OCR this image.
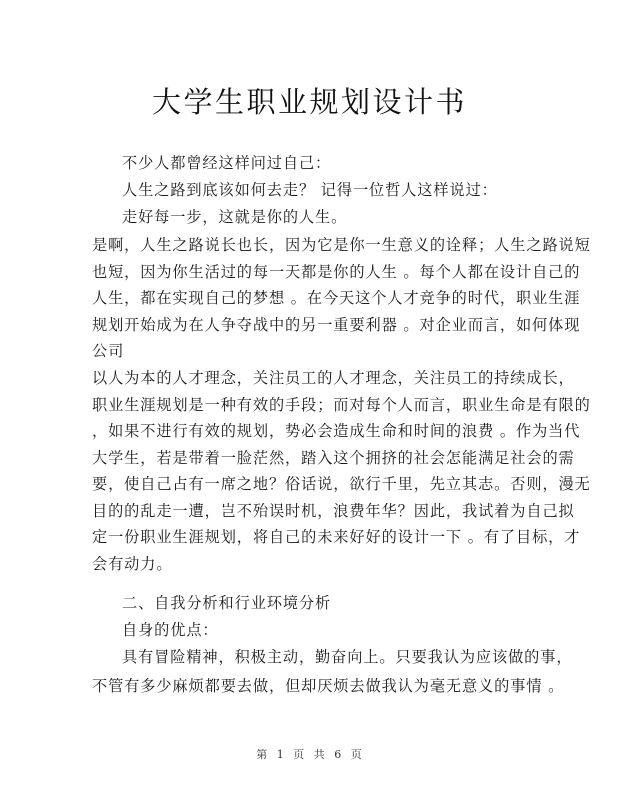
大学生职业规划设计书
不少人都曾经这样问过自己：
人生之路到底该如何去走？ 记得一位哲人这样说过：
走好每一步，这就是你的人生。
是啊，人生之路说长也长，因为它是你一生意义的诠释；人生之路说短
也短，因为你生活过的每一天都是你的人生 。每个人都在设计自己的
人生，都在实现自己的梦想 。在今天这个人才竞争的时代，职业生涯
规划开始成为在人争夺战中的另一重要利器 。对企业而言，如何体现
公司
以人为本的人才理念，关注员工的人才理念，关注员工的持续成长，
职业生涯规划是一种有效的手段；而对每个人而言，职业生命是有限的
，如果不进行有效的规划，势必会造成生命和时间的浪费 。作为当代
大学生，若是带着一脸茫然，踏入这个拥挤的社会怎能满足社会的需
要，使自己占有一席之地？俗话说，欲行千里，先立其志。否则，漫无
目的的乱走一遭，岂不殆误时机，浪费年华？因此，我试着为自己拟
定一份职业生涯规划，将自己的未来好好的设计一下 。有了目标，才
会有动力。
二、自我分析和行业环境分析
自身的优点：
具有冒险精神，积极主动，勤奋向上。只要我认为应该做的事，
不管有多少麻烦都要去做，但却厌烦去做我认为毫无意义的事情 。
第 1 页 共 6 页
